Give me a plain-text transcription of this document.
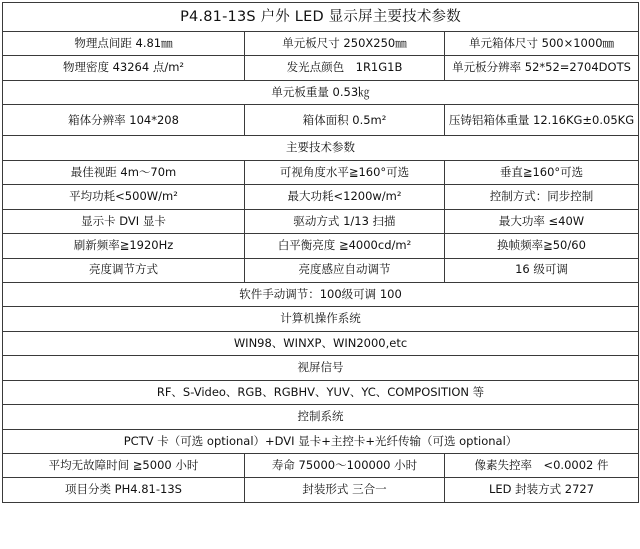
P4.81-13S 户外 LED 显示屏主要技术参数		
物理点间距 4.81㎜	单元板尺寸 250X250㎜	单元箱体尺寸 500×1000㎜
物理密度 43264 点/m²	发光点颜色　1R1G1B	单元板分辨率 52*52=2704DOTS
单元板重量 0.53㎏		
箱体分辨率 104*208	箱体面积 0.5m²	压铸铝箱体重量 12.16KG±0.05KG
主要技术参数		
最佳视距 4m～70m	可视角度水平≧160°可选	垂直≧160°可选
平均功耗<500W/m²	最大功耗<1200w/m²	控制方式：同步控制
显示卡 DVI 显卡	驱动方式 1/13 扫描	最大功率 ≤40W
刷新频率≧1920Hz	白平衡亮度 ≧4000cd/m²	换帧频率≧50/60
亮度调节方式	亮度感应自动调节	16 级可调
软件手动调节：100级可调 100		
计算机操作系统		
WIN98、WINXP、WIN2000,etc		
视屏信号		
RF、S-Video、RGB、RGBHV、YUV、YC、COMPOSITION 等		
控制系统		
PCTV 卡（可选 optional）+DVI 显卡+主控卡+光纤传输（可选 optional）		
平均无故障时间 ≧5000 小时	寿命 75000～100000 小时	像素失控率　<0.0002 件
项目分类 PH4.81-13S	封装形式 三合一	LED 封装方式 2727
